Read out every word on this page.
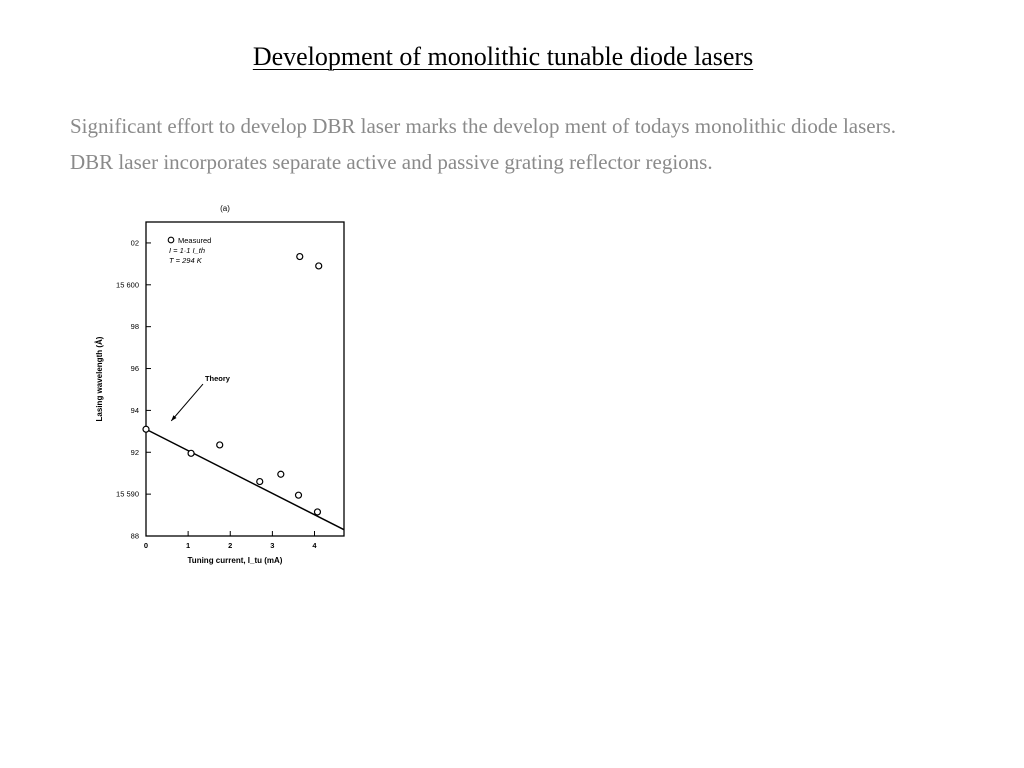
Development of monolithic tunable diode lasers

Significant effort to develop DBR laser marks the develop ment of todays monolithic diode lasers.

DBR laser incorporates separate active and passive grating reflector regions.

(a)
0	1	2	3	4
88
15 590
92
94
96
98
15 600
02
Theory
Measured
I = 1·1 I_th
T = 294 K
Tuning current, I_tu (mA)
Lasing wavelength (Å)
